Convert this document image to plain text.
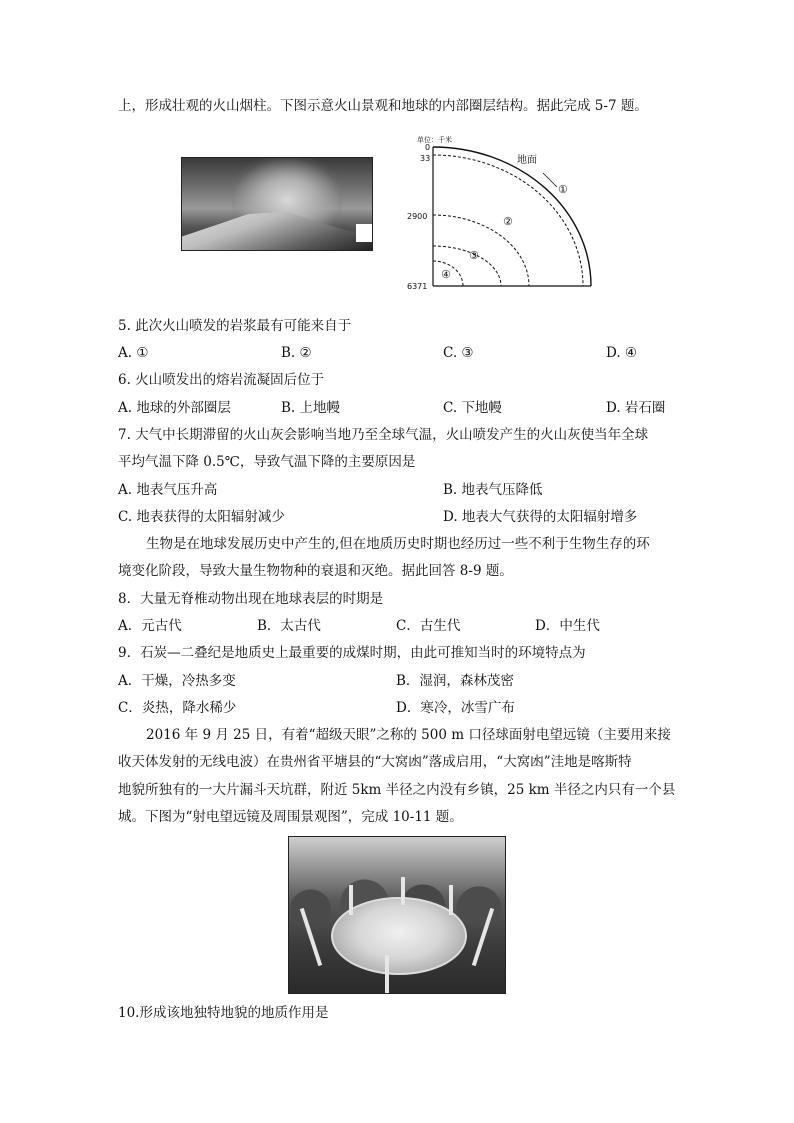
上，形成壮观的火山烟柱。下图示意火山景观和地球的内部圈层结构。据此完成 5-7 题。
单位：千米
0
33
2900
6371
地面
①
②
③
④
5. 此次火山喷发的岩浆最有可能来自于
A. ①	B. ②	C. ③	D. ④
6. 火山喷发出的熔岩流凝固后位于
A. 地球的外部圈层	B. 上地幔	C. 下地幔	D. 岩石圈
7. 大气中长期滞留的火山灰会影响当地乃至全球气温，火山喷发产生的火山灰使当年全球
平均气温下降 0.5℃，导致气温下降的主要原因是
A. 地表气压升高	B. 地表气压降低
C. 地表获得的太阳辐射减少	D. 地表大气获得的太阳辐射增多
生物是在地球发展历史中产生的,但在地质历史时期也经历过一些不利于生物生存的环
境变化阶段，导致大量生物物种的衰退和灭绝。据此回答 8-9 题。
8．大量无脊椎动物出现在地球表层的时期是
A．元古代	B．太古代	C．古生代	D．中生代
9．石炭—二叠纪是地质史上最重要的成煤时期，由此可推知当时的环境特点为
A．干燥，冷热多变	B．湿润，森林茂密
C．炎热，降水稀少	D．寒冷，冰雪广布
2016 年 9 月 25 日，有着“超级天眼”之称的 500 m 口径球面射电望远镜（主要用来接
收天体发射的无线电波）在贵州省平塘县的“大窝凼”落成启用，“大窝凼”洼地是喀斯特
地貌所独有的一大片漏斗天坑群，附近 5km 半径之内没有乡镇，25 km 半径之内只有一个县
城。下图为“射电望远镜及周围景观图”，完成 10-11 题。
10.形成该地独特地貌的地质作用是
